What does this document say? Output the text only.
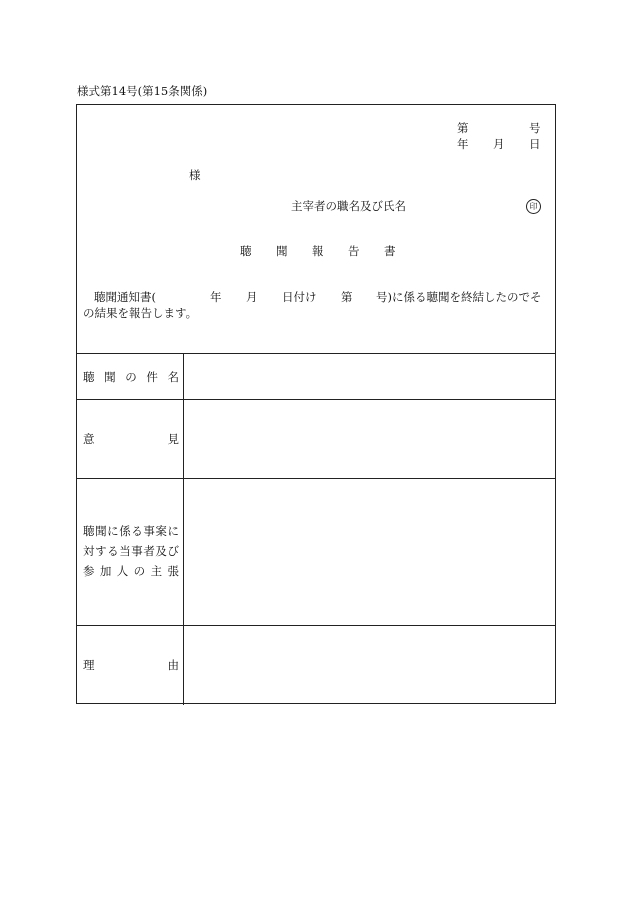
様式第14号(第15条関係)
第	号
年 月 日
様
主宰者の職名及び氏名	印
聴 聞 報 告 書
聴聞通知書(	年 月 日付け 第 号)に係る聴聞を終結したのでそ
の結果を報告します。
聴 聞 の 件 名
意	見
聴 聞 に 係 る 事 案 に
対 す る 当 事 者 及 び
参 加 人 の 主 張
理	由
